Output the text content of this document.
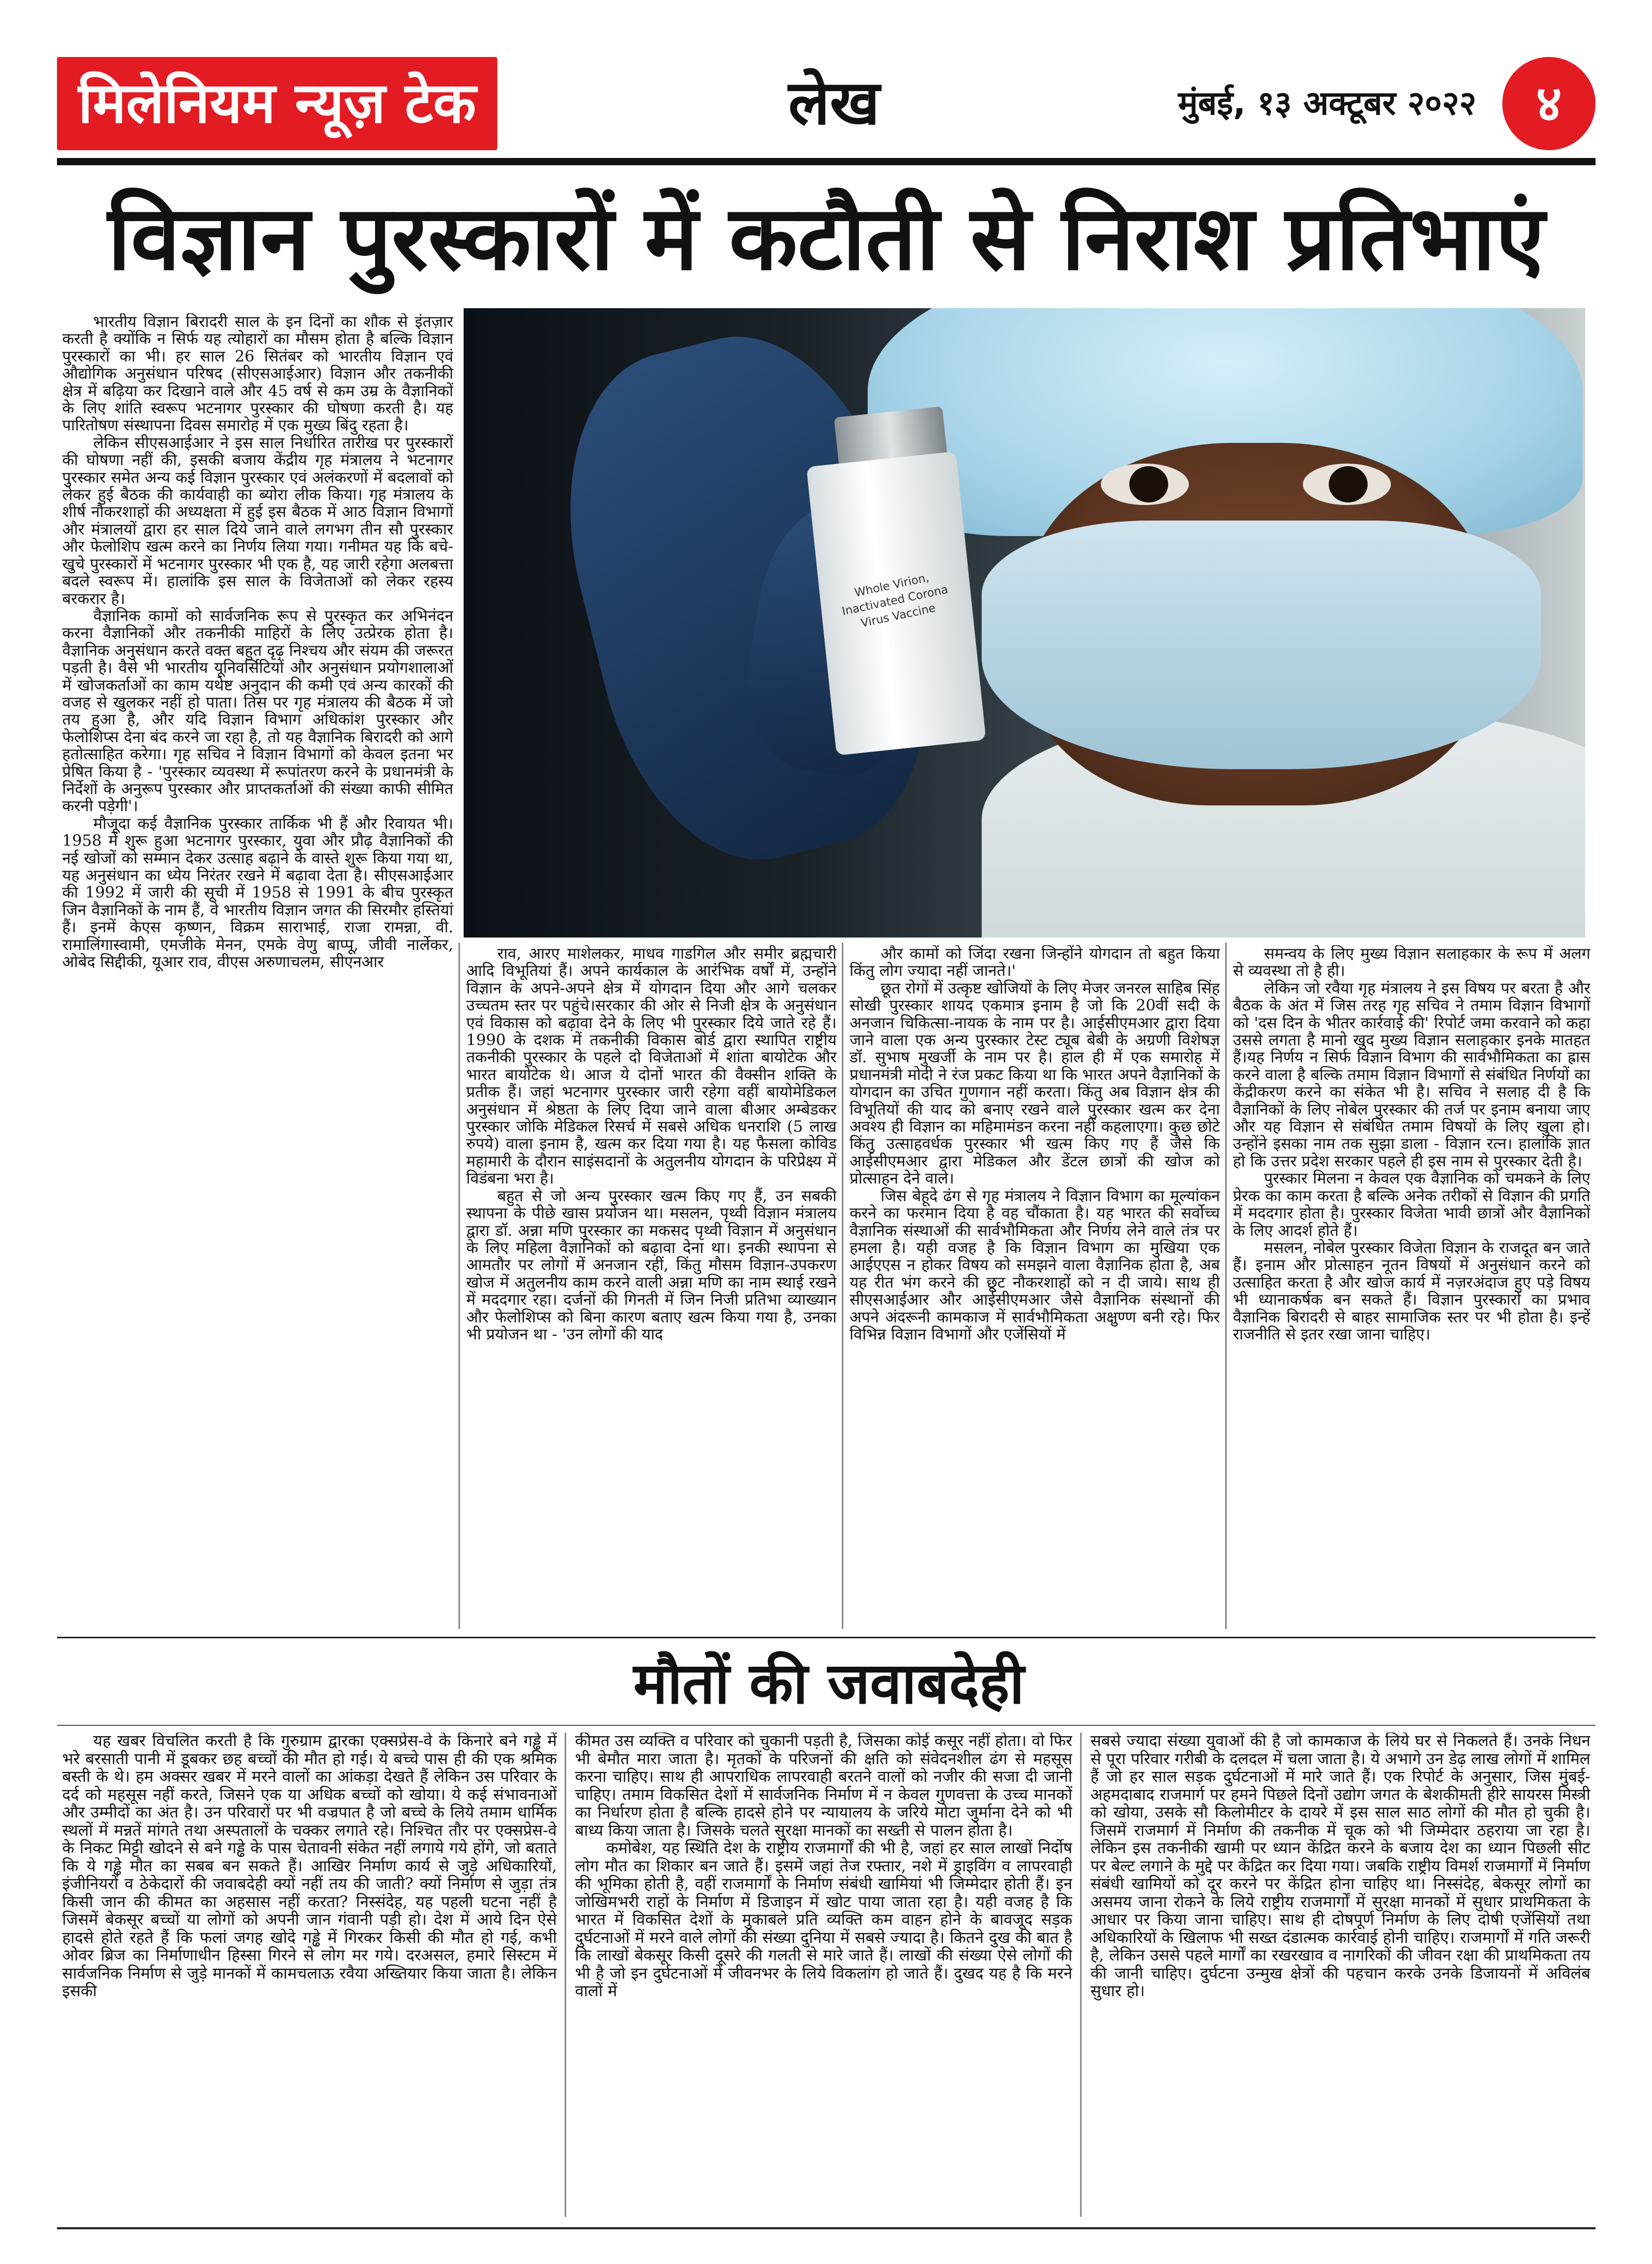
मिलेनियम न्यूज़ टेक	लेख	मुंबई, १३ अक्टूबर २०२२	४
विज्ञान पुरस्कारों में कटौती से निराश प्रतिभाएं
Whole Virion, Inactivated Corona Virus Vaccine

भारतीय विज्ञान बिरादरी साल के इन दिनों का शौक से इंतज़ार करती है क्योंकि न सिर्फ यह त्योहारों का मौसम होता है बल्कि विज्ञान पुरस्कारों का भी। हर साल 26 सितंबर को भारतीय विज्ञान एवं औद्योगिक अनुसंधान परिषद (सीएसआईआर) विज्ञान और तकनीकी क्षेत्र में बढ़िया कर दिखाने वाले और 45 वर्ष से कम उम्र के वैज्ञानिकों के लिए शांति स्वरूप भटनागर पुरस्कार की घोषणा करती है। यह पारितोषण संस्थापना दिवस समारोह में एक मुख्य बिंदु रहता है।

लेकिन सीएसआईआर ने इस साल निर्धारित तारीख पर पुरस्कारों की घोषणा नहीं की, इसकी बजाय केंद्रीय गृह मंत्रालय ने भटनागर पुरस्कार समेत अन्य कई विज्ञान पुरस्कार एवं अलंकरणों में बदलावों को लेकर हुई बैठक की कार्यवाही का ब्योरा लीक किया। गृह मंत्रालय के शीर्ष नौकरशाहों की अध्यक्षता में हुई इस बैठक में आठ विज्ञान विभागों और मंत्रालयों द्वारा हर साल दिये जाने वाले लगभग तीन सौ पुरस्कार और फेलोशिप खत्म करने का निर्णय लिया गया। गनीमत यह कि बचे-खुचे पुरस्कारों में भटनागर पुरस्कार भी एक है, यह जारी रहेगा अलबत्ता बदले स्वरूप में। हालांकि इस साल के विजेताओं को लेकर रहस्य बरकरार है।

वैज्ञानिक कामों को सार्वजनिक रूप से पुरस्कृत कर अभिनंदन करना वैज्ञानिकों और तकनीकी माहिरों के लिए उत्प्रेरक होता है। वैज्ञानिक अनुसंधान करते वक्त बहुत दृढ़ निश्चय और संयम की जरूरत पड़ती है। वैसे भी भारतीय यूनिवर्सिटियों और अनुसंधान प्रयोगशालाओं में खोजकर्ताओं का काम यथेष्ट अनुदान की कमी एवं अन्य कारकों की वजह से खुलकर नहीं हो पाता। तिस पर गृह मंत्रालय की बैठक में जो तय हुआ है, और यदि विज्ञान विभाग अधिकांश पुरस्कार और फेलोशिप्स देना बंद करने जा रहा है, तो यह वैज्ञानिक बिरादरी को आगे हतोत्साहित करेगा। गृह सचिव ने विज्ञान विभागों को केवल इतना भर प्रेषित किया है - 'पुरस्कार व्यवस्था में रूपांतरण करने के प्रधानमंत्री के निर्देशों के अनुरूप पुरस्कार और प्राप्तकर्ताओं की संख्या काफी सीमित करनी पड़ेगी'।

मौजूदा कई वैज्ञानिक पुरस्कार तार्किक भी हैं और रिवायत भी। 1958 में शुरू हुआ भटनागर पुरस्कार, युवा और प्रौढ़ वैज्ञानिकों की नई खोजों को सम्मान देकर उत्साह बढ़ाने के वास्ते शुरू किया गया था, यह अनुसंधान का ध्येय निरंतर रखने में बढ़ावा देता है। सीएसआईआर की 1992 में जारी की सूची में 1958 से 1991 के बीच पुरस्कृत जिन वैज्ञानिकों के नाम हैं, वे भारतीय विज्ञान जगत की सिरमौर हस्तियां हैं। इनमें केएस कृष्णन, विक्रम साराभाई, राजा रामन्ना, वी. रामालिंगास्वामी, एमजीके मेनन, एमके वेणु बाप्पू, जीवी नार्लेकर, ओबेद सिद्दीकी, यूआर राव, वीएस अरुणाचलम, सीएनआर	राव, आरए माशेलकर, माधव गाडगिल और समीर ब्रह्मचारी आदि विभूतियां हैं। अपने कार्यकाल के आरंभिक वर्षों में, उन्होंने विज्ञान के अपने-अपने क्षेत्र में योगदान दिया और आगे चलकर उच्चतम स्तर पर पहुंचे।सरकार की ओर से निजी क्षेत्र के अनुसंधान एवं विकास को बढ़ावा देने के लिए भी पुरस्कार दिये जाते रहे हैं। 1990 के दशक में तकनीकी विकास बोर्ड द्वारा स्थापित राष्ट्रीय तकनीकी पुरस्कार के पहले दो विजेताओं में शांता बायोटेक और भारत बायोटेक थे। आज ये दोनों भारत की वैक्सीन शक्ति के प्रतीक हैं। जहां भटनागर पुरस्कार जारी रहेगा वहीं बायोमेडिकल अनुसंधान में श्रेष्ठता के लिए दिया जाने वाला बीआर अम्बेडकर पुरस्कार जोकि मेडिकल रिसर्च में सबसे अधिक धनराशि (5 लाख रुपये) वाला इनाम है, खत्म कर दिया गया है। यह फैसला कोविड महामारी के दौरान साइंसदानों के अतुलनीय योगदान के परिप्रेक्ष्य में विडंबना भरा है।

बहुत से जो अन्य पुरस्कार खत्म किए गए हैं, उन सबकी स्थापना के पीछे खास प्रयोजन था। मसलन, पृथ्वी विज्ञान मंत्रालय द्वारा डॉ. अन्ना मणि पुरस्कार का मकसद पृथ्वी विज्ञान में अनुसंधान के लिए महिला वैज्ञानिकों को बढ़ावा देना था। इनकी स्थापना से आमतौर पर लोगों में अनजान रहीं, किंतु मौसम विज्ञान-उपकरण खोज में अतुलनीय काम करने वाली अन्ना मणि का नाम स्थाई रखने में मददगार रहा। दर्जनों की गिनती में जिन निजी प्रतिभा व्याख्यान और फेलोशिप्स को बिना कारण बताए खत्म किया गया है, उनका भी प्रयोजन था - 'उन लोगों की याद

और कामों को जिंदा रखना जिन्होंने योगदान तो बहुत किया किंतु लोग ज्यादा नहीं जानते।'

छूत रोगों में उत्कृष्ट खोजियों के लिए मेजर जनरल साहिब सिंह सोखी पुरस्कार शायद एकमात्र इनाम है जो कि 20वीं सदी के अनजान चिकित्सा-नायक के नाम पर है। आईसीएमआर द्वारा दिया जाने वाला एक अन्य पुरस्कार टेस्ट ट्यूब बेबी के अग्रणी विशेषज्ञ डॉ. सुभाष मुखर्जी के नाम पर है। हाल ही में एक समारोह में प्रधानमंत्री मोदी ने रंज प्रकट किया था कि भारत अपने वैज्ञानिकों के योगदान का उचित गुणगान नहीं करता। किंतु अब विज्ञान क्षेत्र की विभूतियों की याद को बनाए रखने वाले पुरस्कार खत्म कर देना अवश्य ही विज्ञान का महिमामंडन करना नहीं कहलाएगा। कुछ छोटे किंतु उत्साहवर्धक पुरस्कार भी खत्म किए गए हैं जैसे कि आईसीएमआर द्वारा मेडिकल और डेंटल छात्रों की खोज को प्रोत्साहन देने वाले।

जिस बेहूदे ढंग से गृह मंत्रालय ने विज्ञान विभाग का मूल्यांकन करने का फरमान दिया है वह चौंकाता है। यह भारत की सर्वोच्च वैज्ञानिक संस्थाओं की सार्वभौमिकता और निर्णय लेने वाले तंत्र पर हमला है। यही वजह है कि विज्ञान विभाग का मुखिया एक आईएएस न होकर विषय को समझने वाला वैज्ञानिक होता है, अब यह रीत भंग करने की छूट नौकरशाहों को न दी जाये। साथ ही सीएसआईआर और आईसीएमआर जैसे वैज्ञानिक संस्थानों की अपने अंदरूनी कामकाज में सार्वभौमिकता अक्षुण्ण बनी रहे। फिर विभिन्न विज्ञान विभागों और एजेंसियों में

समन्वय के लिए मुख्य विज्ञान सलाहकार के रूप में अलग से व्यवस्था तो है ही।

लेकिन जो रवैया गृह मंत्रालय ने इस विषय पर बरता है और बैठक के अंत में जिस तरह गृह सचिव ने तमाम विज्ञान विभागों को 'दस दिन के भीतर कार्रवाई की' रिपोर्ट जमा करवाने को कहा उससे लगता है मानो खुद मुख्य विज्ञान सलाहकार इनके मातहत हैं।यह निर्णय न सिर्फ विज्ञान विभाग की सार्वभौमिकता का ह्रास करने वाला है बल्कि तमाम विज्ञान विभागों से संबंधित निर्णयों का केंद्रीकरण करने का संकेत भी है। सचिव ने सलाह दी है कि वैज्ञानिकों के लिए नोबेल पुरस्कार की तर्ज पर इनाम बनाया जाए और यह विज्ञान से संबंधित तमाम विषयों के लिए खुला हो। उन्होंने इसका नाम तक सुझा डाला - विज्ञान रत्न। हालांकि ज्ञात हो कि उत्तर प्रदेश सरकार पहले ही इस नाम से पुरस्कार देती है।

पुरस्कार मिलना न केवल एक वैज्ञानिक को चमकने के लिए प्रेरक का काम करता है बल्कि अनेक तरीकों से विज्ञान की प्रगति में मददगार होता है। पुरस्कार विजेता भावी छात्रों और वैज्ञानिकों के लिए आदर्श होते हैं।

मसलन, नोबेल पुरस्कार विजेता विज्ञान के राजदूत बन जाते हैं। इनाम और प्रोत्साहन नूतन विषयों में अनुसंधान करने को उत्साहित करता है और खोज कार्य में नज़रअंदाज हुए पड़े विषय भी ध्यानाकर्षक बन सकते हैं। विज्ञान पुरस्कारों का प्रभाव वैज्ञानिक बिरादरी से बाहर सामाजिक स्तर पर भी होता है। इन्हें राजनीति से इतर रखा जाना चाहिए।

मौतों की जवाबदेही

यह खबर विचलित करती है कि गुरुग्राम द्वारका एक्सप्रेस-वे के किनारे बने गड्ढे में भरे बरसाती पानी में डूबकर छह बच्चों की मौत हो गई। ये बच्चे पास ही की एक श्रमिक बस्ती के थे। हम अक्सर खबर में मरने वालों का आंकड़ा देखते हैं लेकिन उस परिवार के दर्द को महसूस नहीं करते, जिसने एक या अधिक बच्चों को खोया। ये कई संभावनाओं और उम्मीदों का अंत है। उन परिवारों पर भी वज्रपात है जो बच्चे के लिये तमाम धार्मिक स्थलों में मन्नतें मांगते तथा अस्पतालों के चक्कर लगाते रहे। निश्चित तौर पर एक्सप्रेस-वे के निकट मिट्टी खोदने से बने गड्ढे के पास चेतावनी संकेत नहीं लगाये गये होंगे, जो बताते कि ये गड्ढे मौत का सबब बन सकते हैं। आखिर निर्माण कार्य से जुड़े अधिकारियों, इंजीनियरों व ठेकेदारों की जवाबदेही क्यों नहीं तय की जाती? क्यों निर्माण से जुड़ा तंत्र किसी जान की कीमत का अहसास नहीं करता? निस्संदेह, यह पहली घटना नहीं है जिसमें बेकसूर बच्चों या लोगों को अपनी जान गंवानी पड़ी हो। देश में आये दिन ऐसे हादसे होते रहते हैं कि फलां जगह खोदे गड्ढे में गिरकर किसी की मौत हो गई, कभी ओवर ब्रिज का निर्माणाधीन हिस्सा गिरने से लोग मर गये। दरअसल, हमारे सिस्टम में सार्वजनिक निर्माण से जुड़े मानकों में कामचलाऊ रवैया अख्तियार किया जाता है। लेकिन इसकी

कीमत उस व्यक्ति व परिवार को चुकानी पड़ती है, जिसका कोई कसूर नहीं होता। वो फिर भी बेमौत मारा जाता है। मृतकों के परिजनों की क्षति को संवेदनशील ढंग से महसूस करना चाहिए। साथ ही आपराधिक लापरवाही बरतने वालों को नजीर की सजा दी जानी चाहिए। तमाम विकसित देशों में सार्वजनिक निर्माण में न केवल गुणवत्ता के उच्च मानकों का निर्धारण होता है बल्कि हादसे होने पर न्यायालय के जरिये मोटा जुर्माना देने को भी बाध्य किया जाता है। जिसके चलते सुरक्षा मानकों का सख्ती से पालन होता है।

कमोबेश, यह स्थिति देश के राष्ट्रीय राजमार्गों की भी है, जहां हर साल लाखों निर्दोष लोग मौत का शिकार बन जाते हैं। इसमें जहां तेज रफ्तार, नशे में ड्राइविंग व लापरवाही की भूमिका होती है, वहीं राजमार्गों के निर्माण संबंधी खामियां भी जिम्मेदार होती हैं। इन जोखिमभरी राहों के निर्माण में डिजाइन में खोट पाया जाता रहा है। यही वजह है कि भारत में विकसित देशों के मुकाबले प्रति व्यक्ति कम वाहन होने के बावजूद सड़क दुर्घटनाओं में मरने वाले लोगों की संख्या दुनिया में सबसे ज्यादा है। कितने दुख की बात है कि लाखों बेकसूर किसी दूसरे की गलती से मारे जाते हैं। लाखों की संख्या ऐसे लोगों की भी है जो इन दुर्घटनाओं में जीवनभर के लिये विकलांग हो जाते हैं। दुखद यह है कि मरने वालों में

सबसे ज्यादा संख्या युवाओं की है जो कामकाज के लिये घर से निकलते हैं। उनके निधन से पूरा परिवार गरीबी के दलदल में चला जाता है। ये अभागे उन डेढ़ लाख लोगों में शामिल हैं जो हर साल सड़क दुर्घटनाओं में मारे जाते हैं। एक रिपोर्ट के अनुसार, जिस मुंबई-अहमदाबाद राजमार्ग पर हमने पिछले दिनों उद्योग जगत के बेशकीमती हीरे सायरस मिस्त्री को खोया, उसके सौ किलोमीटर के दायरे में इस साल साठ लोगों की मौत हो चुकी है। जिसमें राजमार्ग में निर्माण की तकनीक में चूक को भी जिम्मेदार ठहराया जा रहा है। लेकिन इस तकनीकी खामी पर ध्यान केंद्रित करने के बजाय देश का ध्यान पिछली सीट पर बेल्ट लगाने के मुद्दे पर केंद्रित कर दिया गया। जबकि राष्ट्रीय विमर्श राजमार्गों में निर्माण संबंधी खामियों को दूर करने पर केंद्रित होना चाहिए था। निस्संदेह, बेकसूर लोगों का असमय जाना रोकने के लिये राष्ट्रीय राजमार्गों में सुरक्षा मानकों में सुधार प्राथमिकता के आधार पर किया जाना चाहिए। साथ ही दोषपूर्ण निर्माण के लिए दोषी एजेंसियों तथा अधिकारियों के खिलाफ भी सख्त दंडात्मक कार्रवाई होनी चाहिए। राजमार्गों में गति जरूरी है, लेकिन उससे पहले मार्गों का रखरखाव व नागरिकों की जीवन रक्षा की प्राथमिकता तय की जानी चाहिए। दुर्घटना उन्मुख क्षेत्रों की पहचान करके उनके डिजायनों में अविलंब सुधार हो।
